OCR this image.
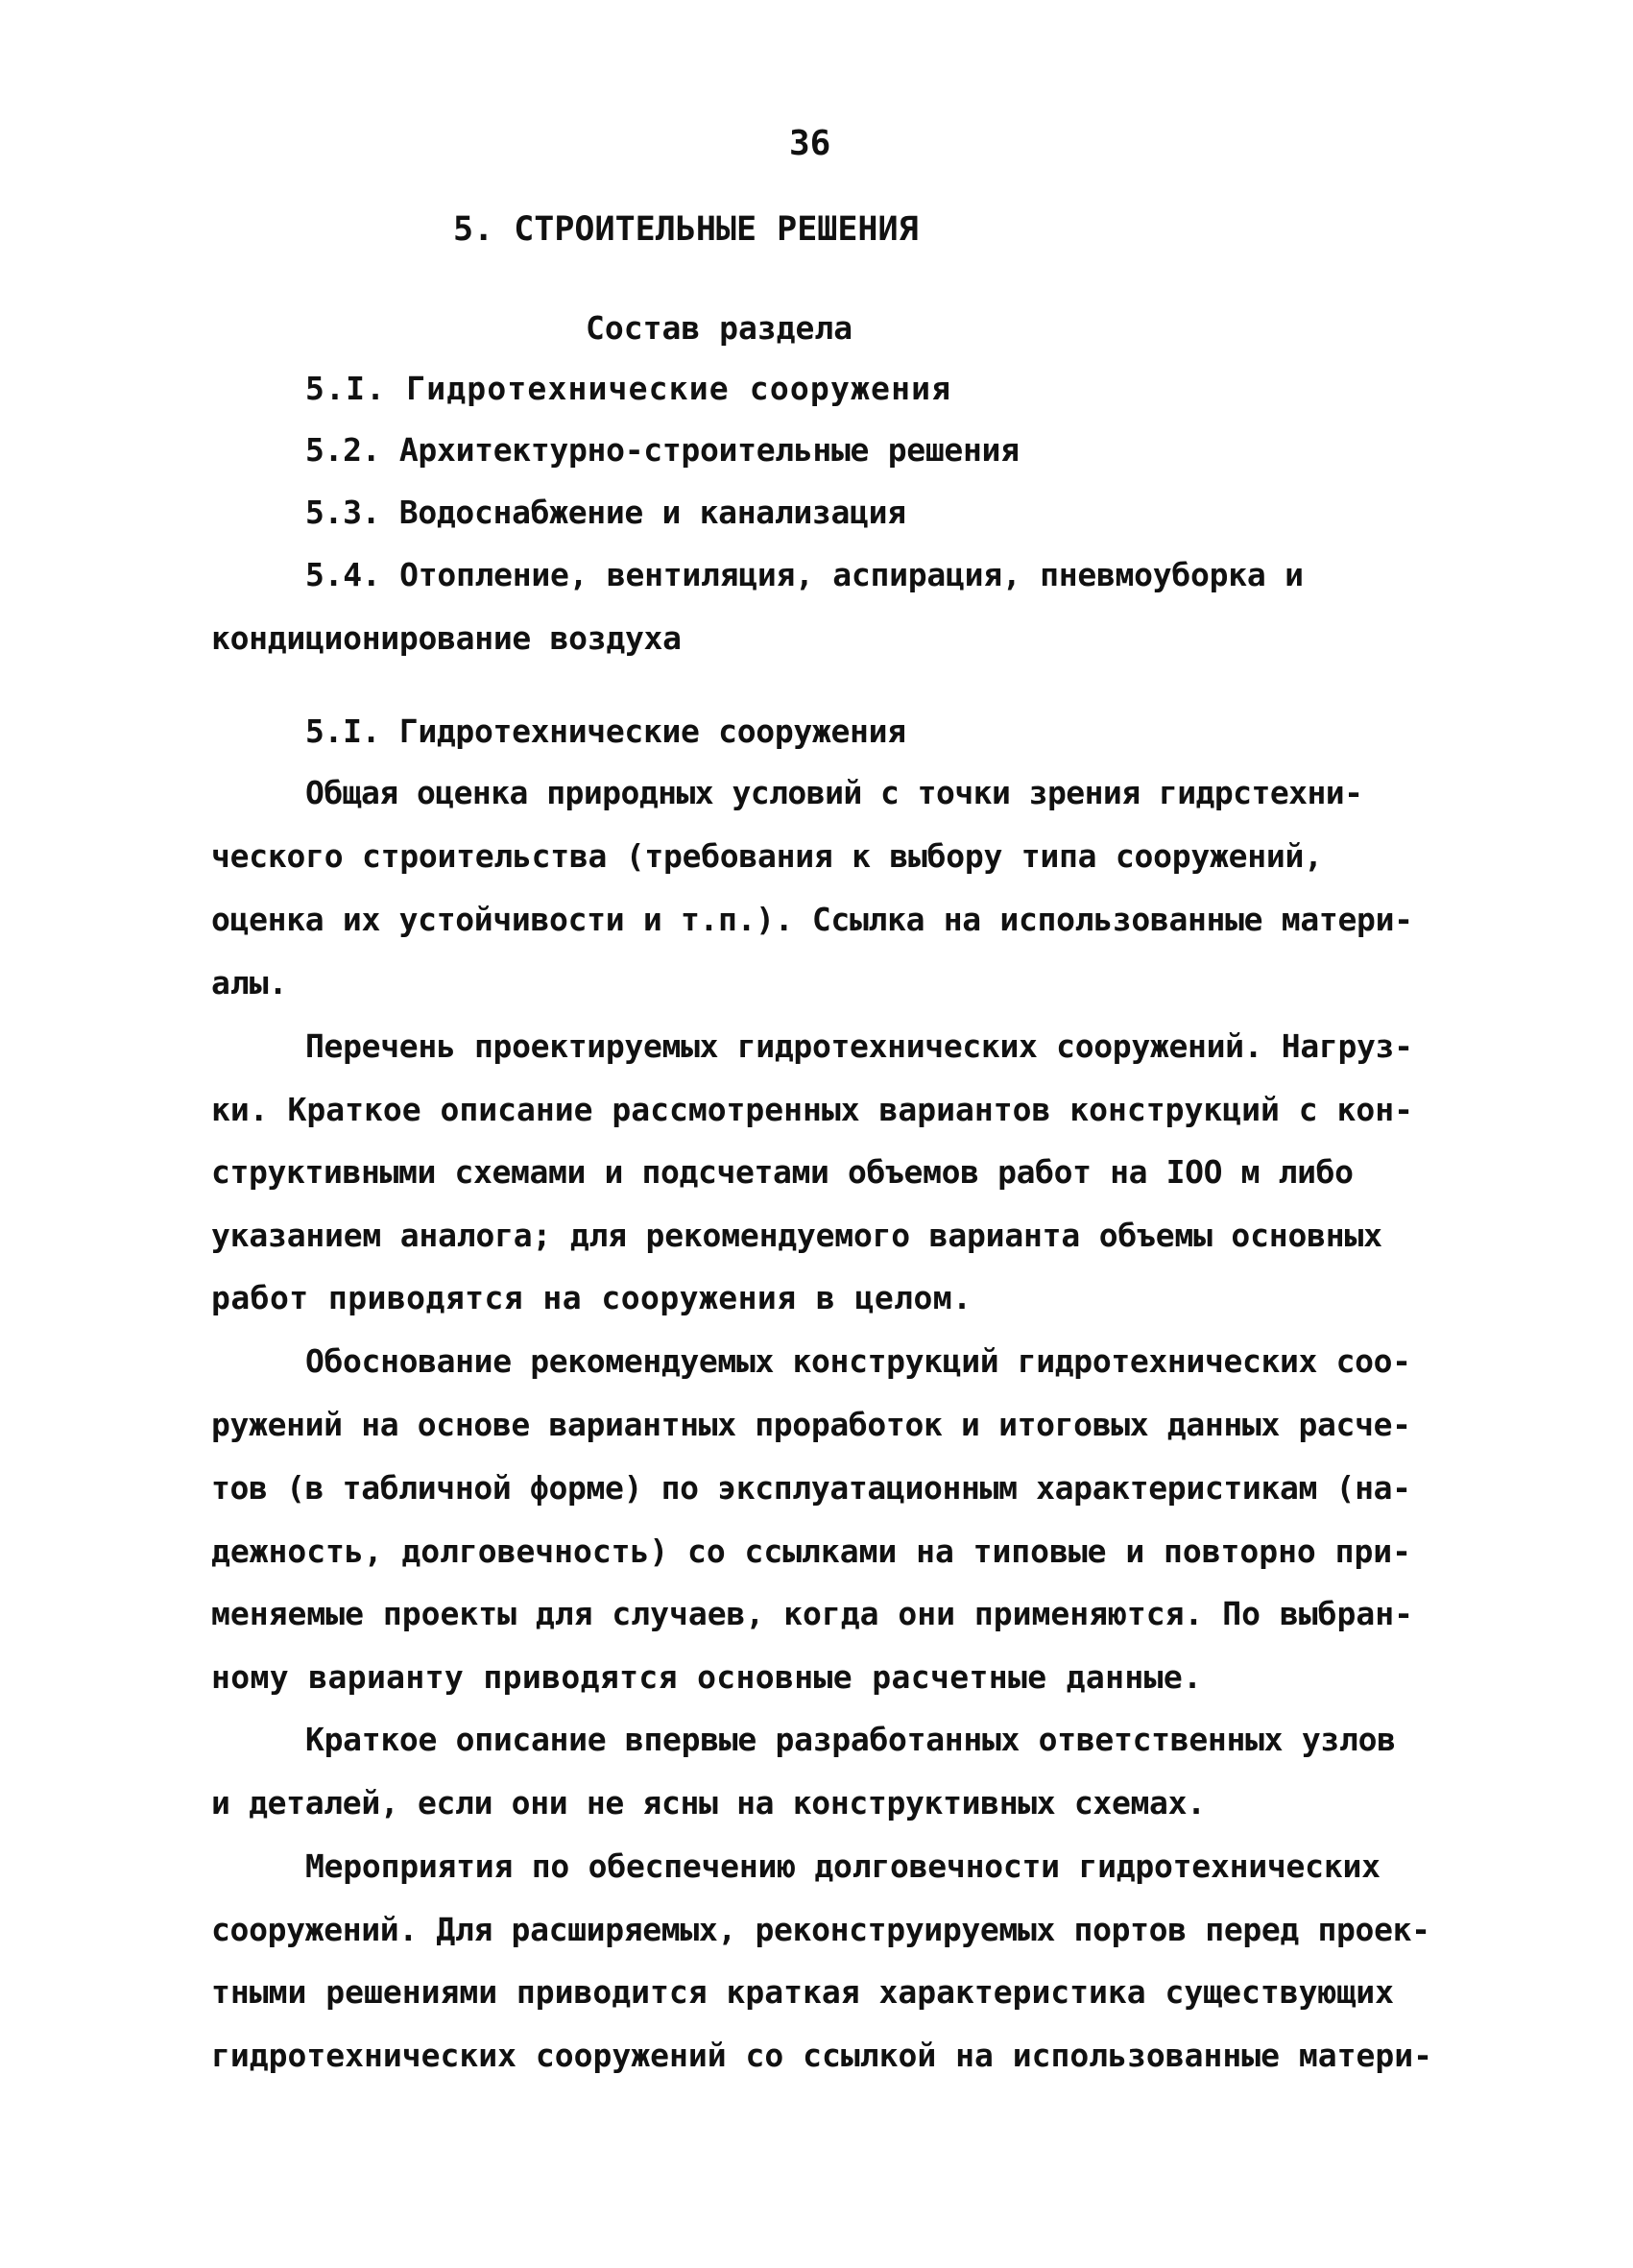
36
5. СТРОИТЕЛЬНЫЕ РЕШЕНИЯ
Состав раздела
5.I. Гидротехнические сооружения
5.2. Архитектурно-строительные решения
5.3. Водоснабжение и канализация
5.4. Отопление, вентиляция, аспирация, пневмоуборка и
кондиционирование воздуха
5.I. Гидротехнические сооружения
Общая оценка природных условий с точки зрения гидрстехни-
ческого строительства (требования к выбору типа сооружений,
оценка их устойчивости и т.п.). Ссылка на использованные матери-
алы.
Перечень проектируемых гидротехнических сооружений. Нагруз-
ки. Краткое описание рассмотренных вариантов конструкций с кон-
структивными схемами и подсчетами объемов работ на IOO м либо
указанием аналога; для рекомендуемого варианта объемы основных
работ приводятся на сооружения в целом.
Обоснование рекомендуемых конструкций гидротехнических соо-
ружений на основе вариантных проработок и итоговых данных расче-
тов (в табличной форме) по эксплуатационным характеристикам (на-
дежность, долговечность) со ссылками на типовые и повторно при-
меняемые проекты для случаев, когда они применяются. По выбран-
ному варианту приводятся основные расчетные данные.
Краткое описание впервые разработанных ответственных узлов
и деталей, если они не ясны на конструктивных схемах.
Мероприятия по обеспечению долговечности гидротехнических
сооружений. Для расширяемых, реконструируемых портов перед проек-
тными решениями приводится краткая характеристика существующих
гидротехнических сооружений со ссылкой на использованные матери-
